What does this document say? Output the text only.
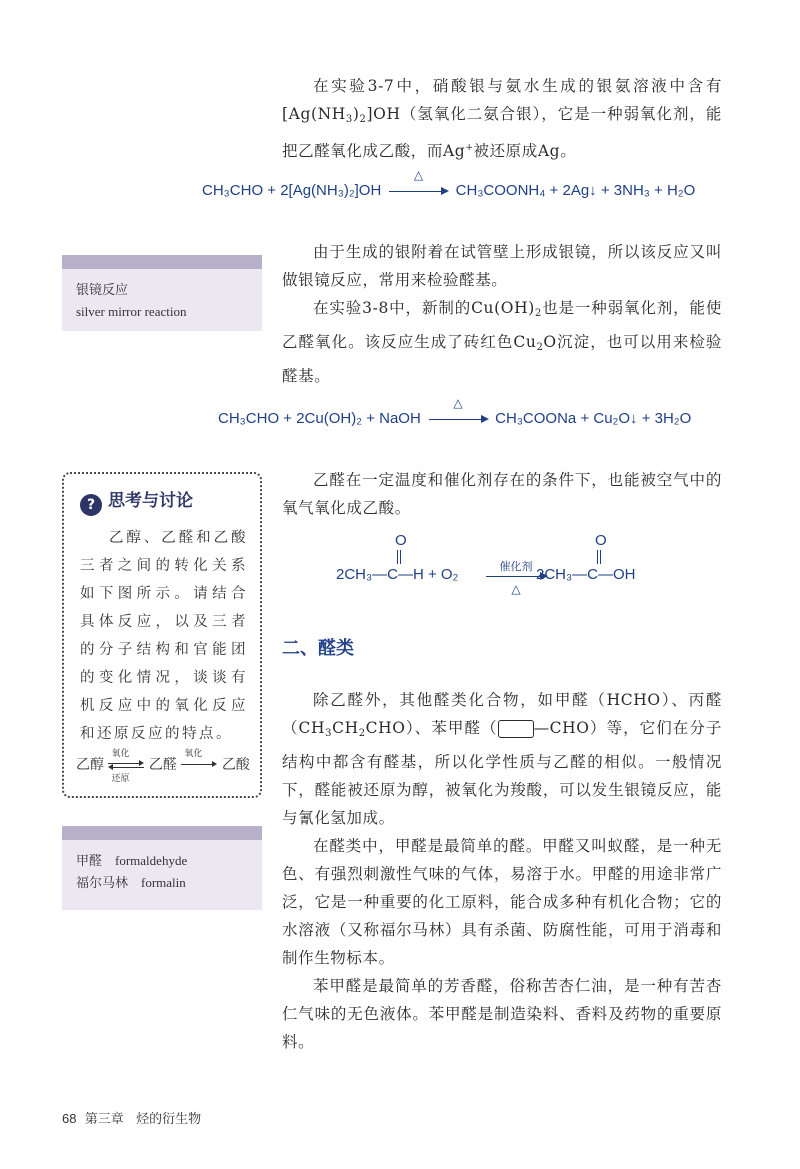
在实验3-7中，硝酸银与氨水生成的银氨溶液中含有$[Ag(NH_3)_2]OH$（氢氧化二氨合银），它是一种弱氧化剂，能把乙醛氧化成乙酸，而Ag+被还原成Ag。

CH₃CHO + 2[Ag(NH₃)₂]OH
△
CH₃COONH₄ + 2Ag↓ + 3NH₃ + H₂O
银镜反应
silver mirror reaction

由于生成的银附着在试管壁上形成银镜，所以该反应又叫做银镜反应，常用来检验醛基。

在实验3-8中，新制的$Cu(OH)_2$也是一种弱氧化剂，能使乙醛氧化。该反应生成了砖红色$Cu_2O$沉淀，也可以用来检验醛基。

CH₃CHO + 2Cu(OH)₂ + NaOH
△
CH₃COONa + Cu₂O↓ + 3H₂O
? 思考与讨论

乙醇、乙醛和乙酸三者之间的转化关系如下图所示。请结合具体反应，以及三者的分子结构和官能团的变化情况，谈谈有机反应中的氧化反应和还原反应的特点。

乙醇
氧化
还原
乙醛
氧化
乙酸

乙醛在一定温度和催化剂存在的条件下，也能被空气中的氧气氧化成乙酸。

O
2CH₃—C—H + O₂	催化剂
△
O
2CH₃—C—OH
二、醛类

除乙醛外，其他醛类化合物，如甲醛（HCHO）、丙醛$(CH_3CH_2CHO)$、苯甲醛（ —CHO）等，它们在分子结构中都含有醛基，所以化学性质与乙醛的相似。一般情况下，醛能被还原为醇，被氧化为羧酸，可以发生银镜反应，能与氰化氢加成。

在醛类中，甲醛是最简单的醛。甲醛又叫蚁醛，是一种无色、有强烈刺激性气味的气体，易溶于水。甲醛的用途非常广泛，它是一种重要的化工原料，能合成多种有机化合物；它的水溶液（又称福尔马林）具有杀菌、防腐性能，可用于消毒和制作生物标本。

苯甲醛是最简单的芳香醛，俗称苦杏仁油，是一种有苦杏仁气味的无色液体。苯甲醛是制造染料、香料及药物的重要原料。

甲醛 formaldehyde
福尔马林 formalin
68 第三章 烃的衍生物
